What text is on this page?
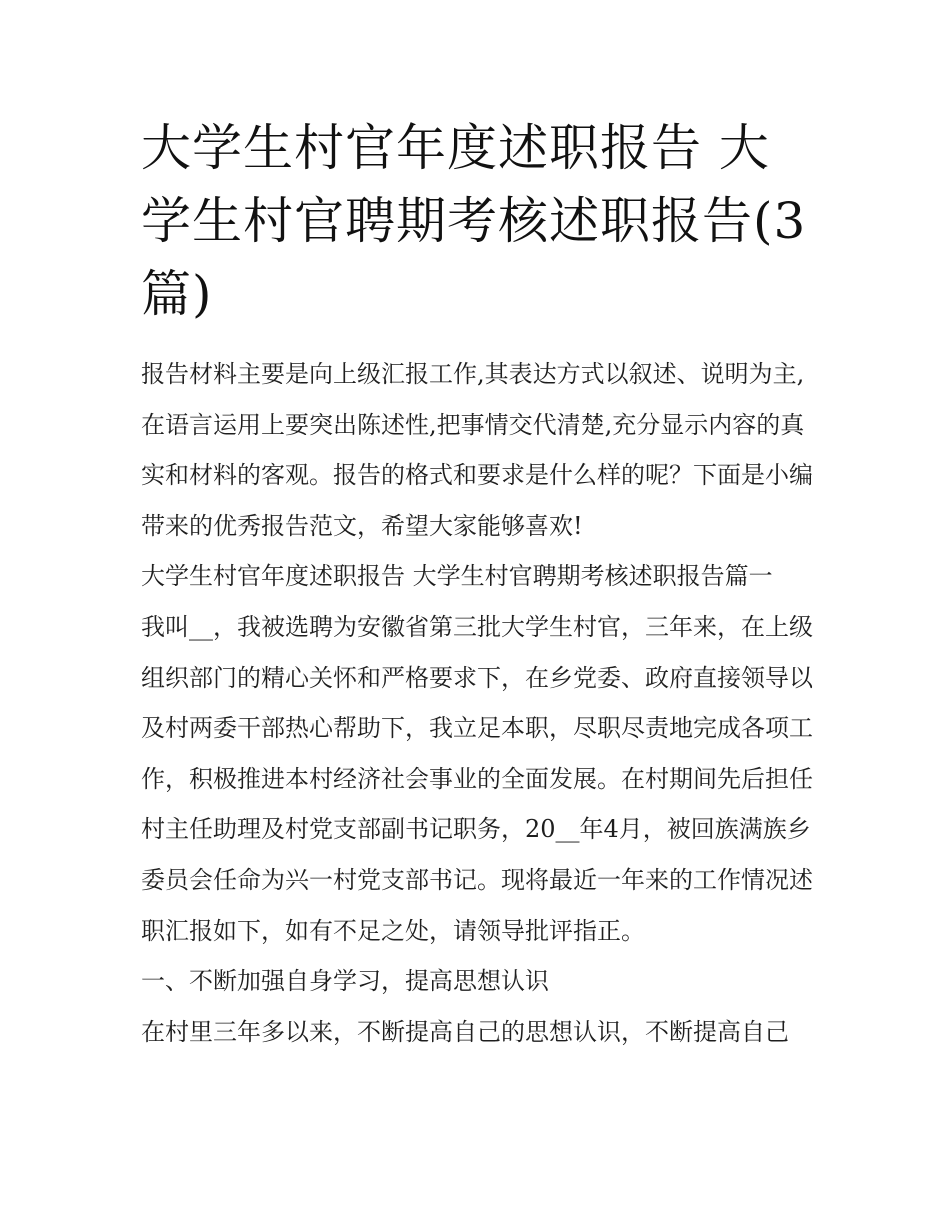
大学生村官年度述职报告 大学生村官聘期考核述职报告(3篇)

报告材料主要是向上级汇报工作,其表达方式以叙述、说明为主,在语言运用上要突出陈述性,把事情交代清楚,充分显示内容的真实和材料的客观。报告的格式和要求是什么样的呢？下面是小编带来的优秀报告范文，希望大家能够喜欢!

大学生村官年度述职报告 大学生村官聘期考核述职报告篇一

我叫__，我被选聘为安徽省第三批大学生村官，三年来，在上级组织部门的精心关怀和严格要求下，在乡党委、政府直接领导以及村两委干部热心帮助下，我立足本职，尽职尽责地完成各项工作，积极推进本村经济社会事业的全面发展。在村期间先后担任村主任助理及村党支部副书记职务，20__年4月，被回族满族乡委员会任命为兴一村党支部书记。现将最近一年来的工作情况述职汇报如下，如有不足之处，请领导批评指正。

一、不断加强自身学习，提高思想认识

在村里三年多以来，不断提高自己的思想认识，不断提高自己
